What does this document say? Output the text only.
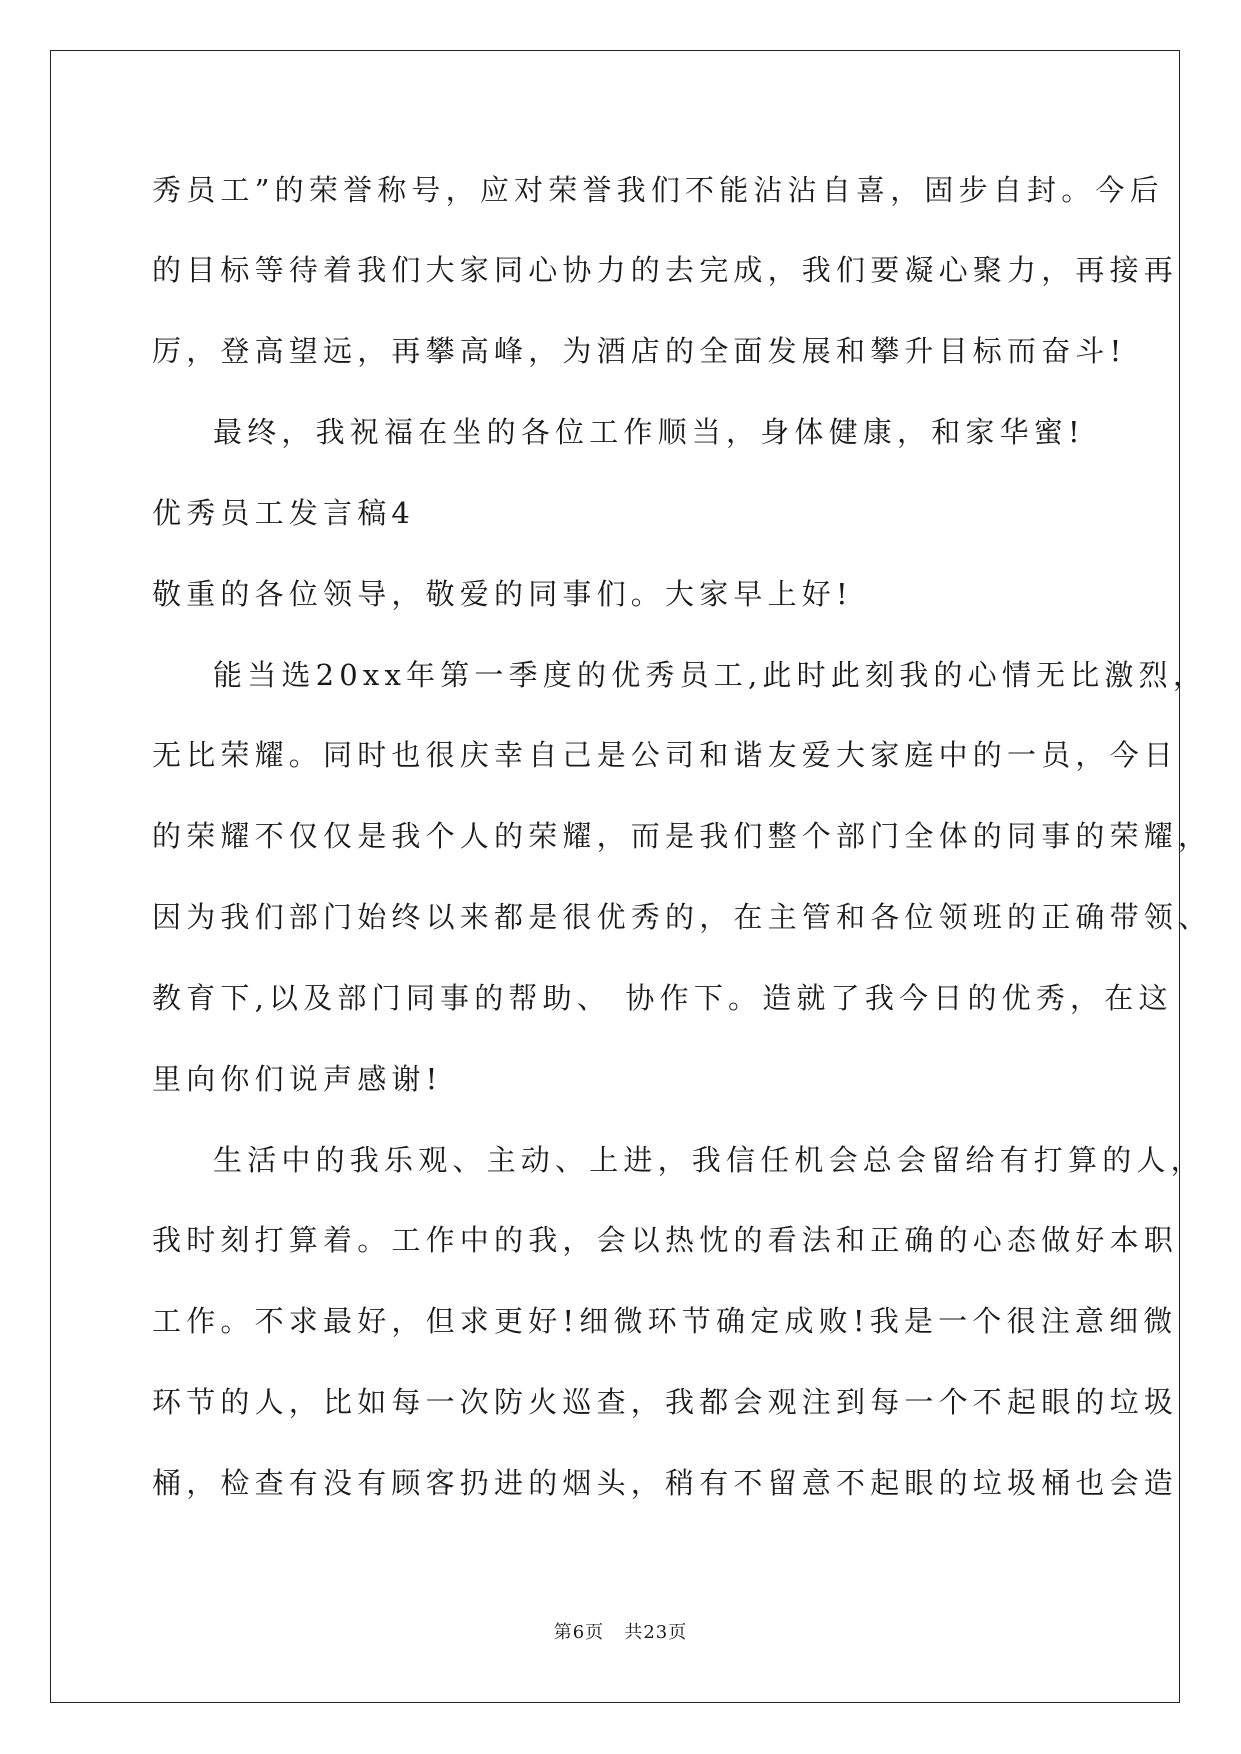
秀员工”的荣誉称号，应对荣誉我们不能沾沾自喜，固步自封。今后
的目标等待着我们大家同心协力的去完成，我们要凝心聚力，再接再
厉，登高望远，再攀高峰，为酒店的全面发展和攀升目标而奋斗!
最终，我祝福在坐的各位工作顺当，身体健康，和家华蜜!
优秀员工发言稿4
敬重的各位领导，敬爱的同事们。大家早上好!
能当选20xx年第一季度的优秀员工,此时此刻我的心情无比激烈，
无比荣耀。同时也很庆幸自己是公司和谐友爱大家庭中的一员，今日
的荣耀不仅仅是我个人的荣耀，而是我们整个部门全体的同事的荣耀，
因为我们部门始终以来都是很优秀的，在主管和各位领班的正确带领、
教育下,以及部门同事的帮助、 协作下。造就了我今日的优秀，在这
里向你们说声感谢!
生活中的我乐观、主动、上进，我信任机会总会留给有打算的人，
我时刻打算着。工作中的我，会以热忱的看法和正确的心态做好本职
工作。不求最好，但求更好!细微环节确定成败!我是一个很注意细微
环节的人，比如每一次防火巡查，我都会观注到每一个不起眼的垃圾
桶，检查有没有顾客扔进的烟头，稍有不留意不起眼的垃圾桶也会造
第6页   共23页
